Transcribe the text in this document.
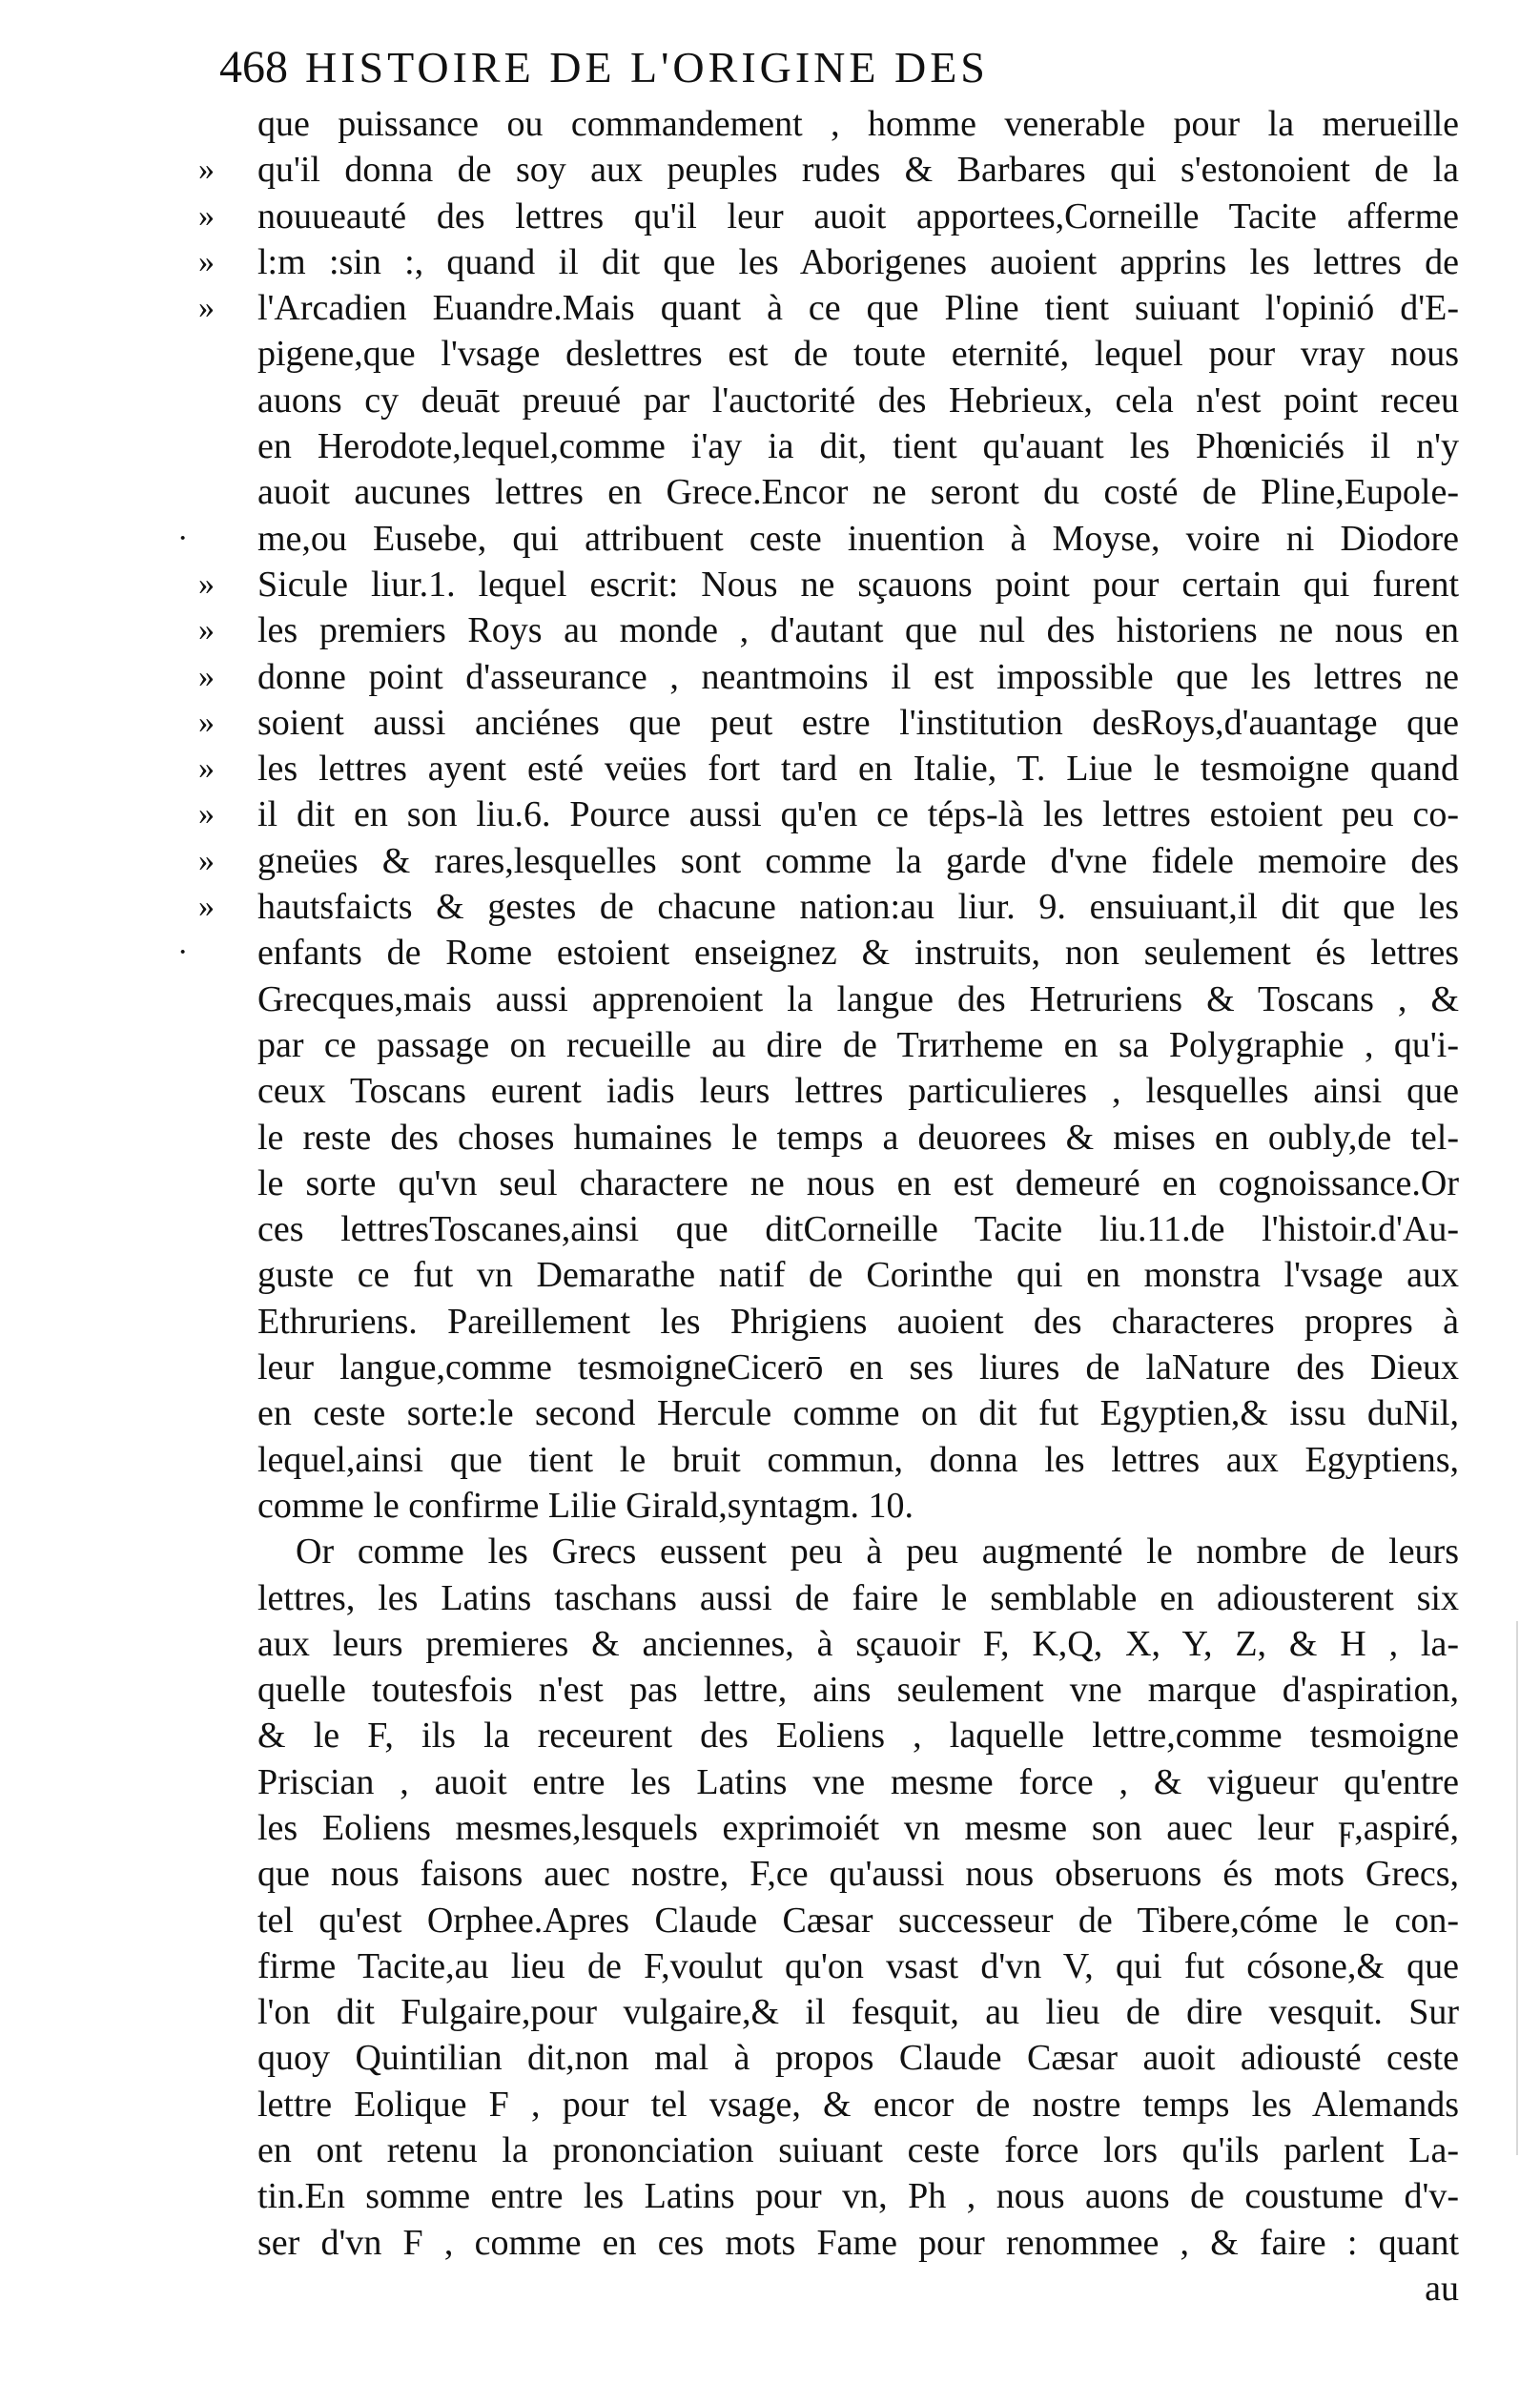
468 HISTOIRE DE L'ORIGINE DES
que puissance ou commandement , homme venerable pour la merueille
»	qu'il donna de soy aux peuples rudes & Barbares qui s'estonoient de la
»	nouueauté des lettres qu'il leur auoit apportees,Corneille Tacite afferme
»	l:m :sin :, quand il dit que les Aborigenes auoient apprins les lettres de
»	l'Arcadien Euandre.Mais quant à ce que Pline tient suiuant l'opinió d'E-
pigene,que l'vsage deslettres est de toute eternité, lequel pour vray nous
auons cy deuāt preuué par l'auctorité des Hebrieux, cela n'est point receu
en Herodote,lequel,comme i'ay ia dit, tient qu'auant les Phœniciés il n'y
auoit aucunes lettres en Grece.Encor ne seront du costé de Pline,Eupole-
·	me,ou Eusebe, qui attribuent ceste inuention à Moyse, voire ni Diodore
»	Sicule liur.1. lequel escrit: Nous ne sçauons point pour certain qui furent
»	les premiers Roys au monde , d'autant que nul des historiens ne nous en
»	donne point d'asseurance , neantmoins il est impossible que les lettres ne
»	soient aussi anciénes que peut estre l'institution desRoys,d'auantage que
»	les lettres ayent esté veües fort tard en Italie, T. Liue le tesmoigne quand
»	il dit en son liu.6. Pource aussi qu'en ce téps-là les lettres estoient peu co-
»	gneües & rares,lesquelles sont comme la garde d'vne fidele memoire des
»	hautsfaicts & gestes de chacune nation:au liur. 9. ensuiuant,il dit que les
·	enfants de Rome estoient enseignez & instruits, non seulement és lettres
Grecques,mais aussi apprenoient la langue des Hetruriens & Toscans , &
par ce passage on recueille au dire de Trитheme en sa Polygraphie , qu'i-
ceux Toscans eurent iadis leurs lettres particulieres , lesquelles ainsi que
le reste des choses humaines le temps a deuorees & mises en oubly,de tel-
le sorte qu'vn seul charactere ne nous en est demeuré en cognoissance.Or
ces lettresToscanes,ainsi que ditCorneille Tacite liu.11.de l'histoir.d'Au-
guste ce fut vn Demarathe natif de Corinthe qui en monstra l'vsage aux
Ethruriens. Pareillement les Phrigiens auoient des characteres propres à
leur langue,comme tesmoigneCicerō en ses liures de laNature des Dieux
en ceste sorte:le second Hercule comme on dit fut Egyptien,& issu duNil,
lequel,ainsi que tient le bruit commun, donna les lettres aux Egyptiens,
comme le confirme Lilie Girald,syntagm. 10.
Or comme les Grecs eussent peu à peu augmenté le nombre de leurs
lettres, les Latins taschans aussi de faire le semblable en adiousterent six
aux leurs premieres & anciennes, à sçauoir F, K,Q, X, Y, Z, & H , la-
quelle toutesfois n'est pas lettre, ains seulement vne marque d'aspiration,
& le F, ils la receurent des Eoliens , laquelle lettre,comme tesmoigne
Priscian , auoit entre les Latins vne mesme force , & vigueur qu'entre
les Eoliens mesmes,lesquels exprimoiét vn mesme son auec leur ϝ,aspiré,
que nous faisons auec nostre, F,ce qu'aussi nous obseruons és mots Grecs,
tel qu'est Orphee.Apres Claude Cæsar successeur de Tibere,cóme le con-
firme Tacite,au lieu de F,voulut qu'on vsast d'vn V, qui fut cósone,& que
l'on dit Fulgaire,pour vulgaire,& il fesquit, au lieu de dire vesquit. Sur
quoy Quintilian dit,non mal à propos Claude Cæsar auoit adiousté ceste
lettre Eolique F , pour tel vsage, & encor de nostre temps les Alemands
en ont retenu la prononciation suiuant ceste force lors qu'ils parlent La-
tin.En somme entre les Latins pour vn, Ph , nous auons de coustume d'v-
ser d'vn F , comme en ces mots Fame pour renommee , & faire : quant
au
